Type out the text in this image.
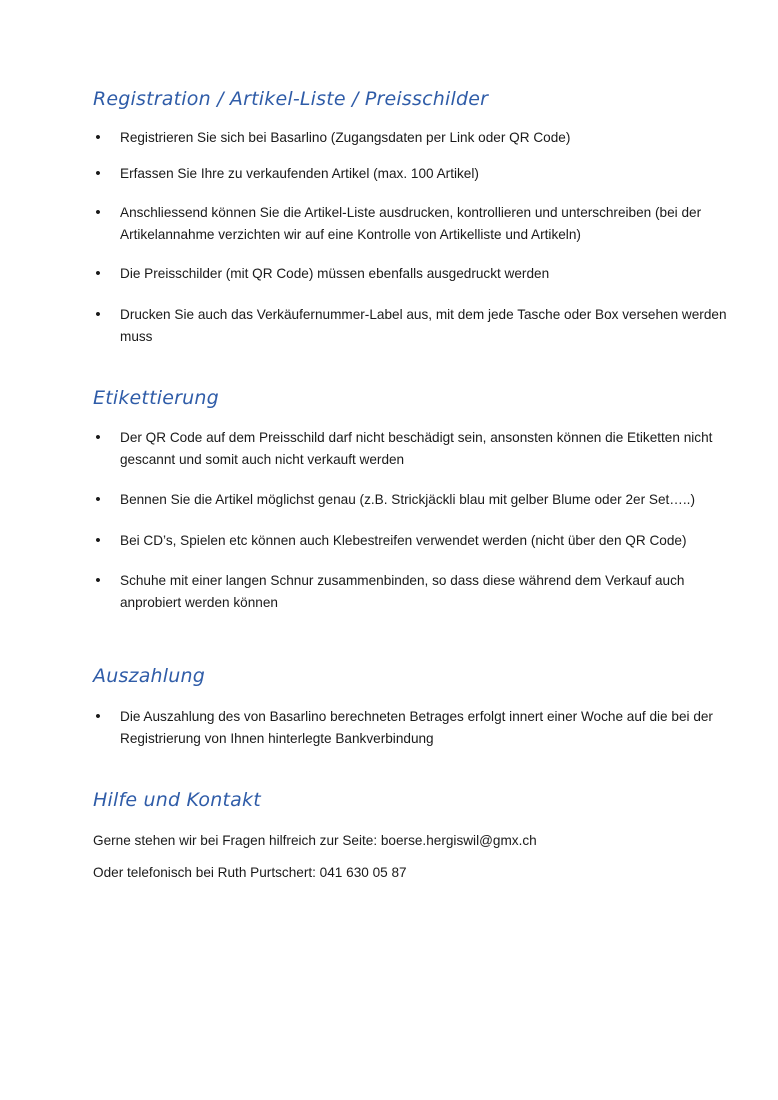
Registration / Artikel-Liste / Preisschilder
• Registrieren Sie sich bei Basarlino (Zugangsdaten per Link oder QR Code)
• Erfassen Sie Ihre zu verkaufenden Artikel (max. 100 Artikel)
• Anschliessend können Sie die Artikel-Liste ausdrucken, kontrollieren und unterschreiben (bei der Artikelannahme verzichten wir auf eine Kontrolle von Artikelliste und Artikeln)
• Die Preisschilder (mit QR Code) müssen ebenfalls ausgedruckt werden
• Drucken Sie auch das Verkäufernummer-Label aus, mit dem jede Tasche oder Box versehen werden muss
Etikettierung
• Der QR Code auf dem Preisschild darf nicht beschädigt sein, ansonsten können die Etiketten nicht gescannt und somit auch nicht verkauft werden
• Bennen Sie die Artikel möglichst genau (z.B. Strickjäckli blau mit gelber Blume oder 2er Set…..)
• Bei CD’s, Spielen etc können auch Klebestreifen verwendet werden (nicht über den QR Code)
• Schuhe mit einer langen Schnur zusammenbinden, so dass diese während dem Verkauf auch anprobiert werden können
Auszahlung
• Die Auszahlung des von Basarlino berechneten Betrages erfolgt innert einer Woche auf die bei der Registrierung von Ihnen hinterlegte Bankverbindung
Hilfe und Kontakt
Gerne stehen wir bei Fragen hilfreich zur Seite: boerse.hergiswil@gmx.ch
Oder telefonisch bei Ruth Purtschert: 041 630 05 87
